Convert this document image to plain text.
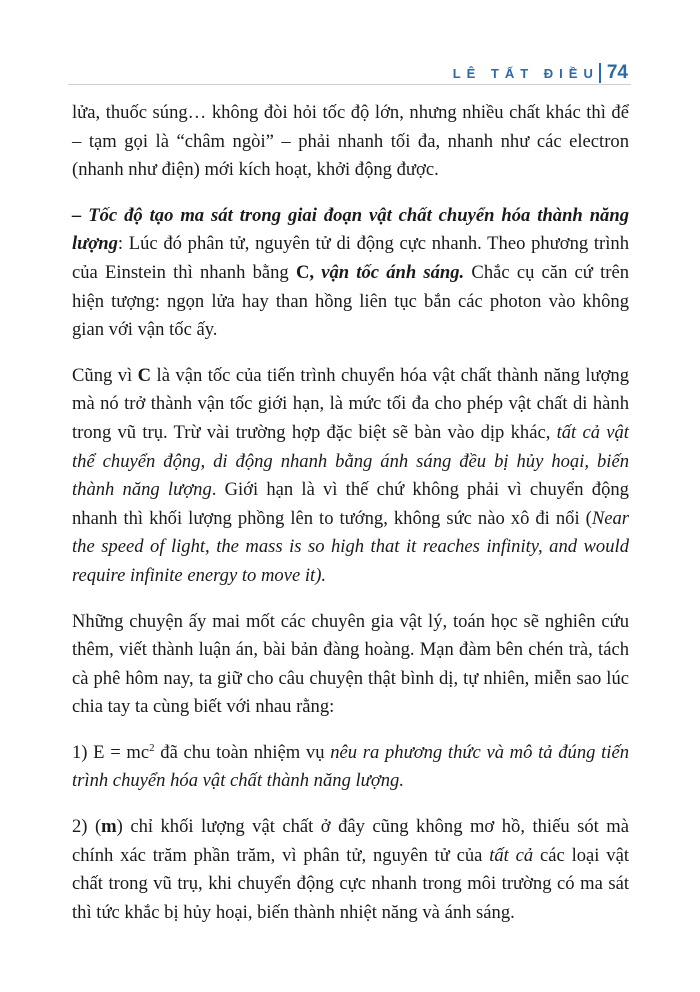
LÊ TẤT ĐIỀU 74

lửa, thuốc súng… không đòi hỏi tốc độ lớn, nhưng nhiều chất khác thì để – tạm gọi là “châm ngòi” – phải nhanh tối đa, nhanh như các electron (nhanh như điện) mới kích hoạt, khởi động được.

– Tốc độ tạo ma sát trong giai đoạn vật chất chuyển hóa thành năng lượng: Lúc đó phân tử, nguyên tử di động cực nhanh. Theo phương trình của Einstein thì nhanh bằng C, vận tốc ánh sáng. Chắc cụ căn cứ trên hiện tượng: ngọn lửa hay than hồng liên tục bắn các photon vào không gian với vận tốc ấy.

Cũng vì C là vận tốc của tiến trình chuyển hóa vật chất thành năng lượng mà nó trở thành vận tốc giới hạn, là mức tối đa cho phép vật chất di hành trong vũ trụ. Trừ vài trường hợp đặc biệt sẽ bàn vào dịp khác, tất cả vật thể chuyển động, di động nhanh bằng ánh sáng đều bị hủy hoại, biến thành năng lượng. Giới hạn là vì thế chứ không phải vì chuyển động nhanh thì khối lượng phồng lên to tướng, không sức nào xô đi nổi (Near the speed of light, the mass is so high that it reaches infinity, and would require infinite energy to move it).

Những chuyện ấy mai mốt các chuyên gia vật lý, toán học sẽ nghiên cứu thêm, viết thành luận án, bài bản đàng hoàng. Mạn đàm bên chén trà, tách cà phê hôm nay, ta giữ cho câu chuyện thật bình dị, tự nhiên, miễn sao lúc chia tay ta cùng biết với nhau rằng:

1) $E = mc^2$ đã chu toàn nhiệm vụ nêu ra phương thức và mô tả đúng tiến trình chuyển hóa vật chất thành năng lượng.

2) (m) chỉ khối lượng vật chất ở đây cũng không mơ hồ, thiếu sót mà chính xác trăm phần trăm, vì phân tử, nguyên tử của tất cả các loại vật chất trong vũ trụ, khi chuyển động cực nhanh trong môi trường có ma sát thì tức khắc bị hủy hoại, biến thành nhiệt năng và ánh sáng.
